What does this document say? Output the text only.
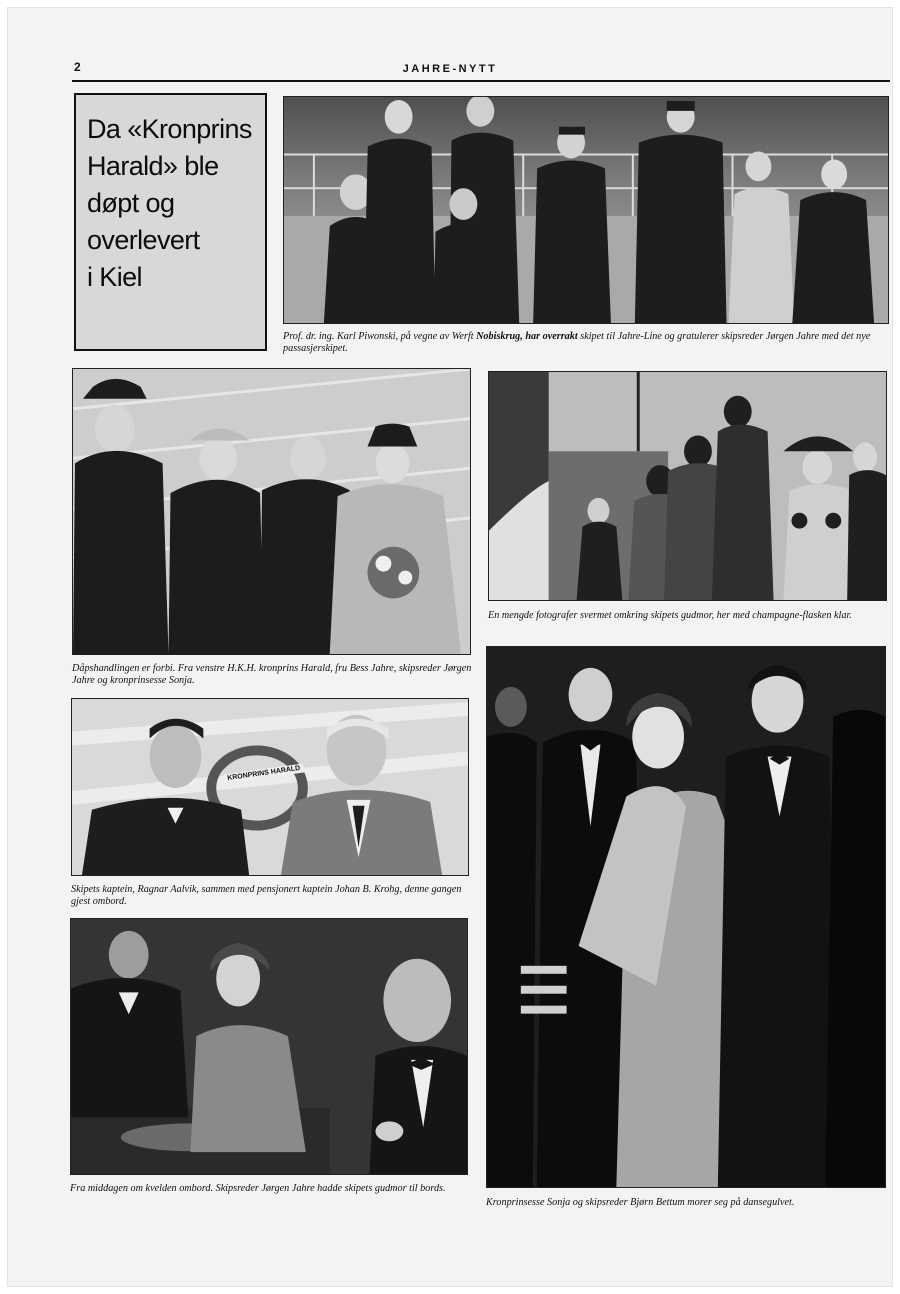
2	JAHRE-NYTT
Da «Kronprins
Harald» ble
døpt og
overlevert
i Kiel

Prof. dr. ing. Karl Piwonski, på vegne av Werft Nobiskrug, har overrakt skipet til Jahre-Line og gratulerer skipsreder Jørgen Jahre med det nye passasjerskipet.

Dåpshandlingen er forbi. Fra venstre H.K.H. kronprins Harald, fru Bess Jahre, skipsreder Jørgen Jahre og kronprinsesse Sonja.

En mengde fotografer svermet omkring skipets gudmor, her med champagne-flasken klar.

KRONPRINS HARALD

Skipets kaptein, Ragnar Aalvik, sammen med pensjonert kaptein Johan B. Krohg, denne gangen gjest ombord.

Fra middagen om kvelden ombord. Skipsreder Jørgen Jahre hadde skipets gudmor til bords.

Kronprinsesse Sonja og skipsreder Bjørn Bettum morer seg på dansegulvet.
